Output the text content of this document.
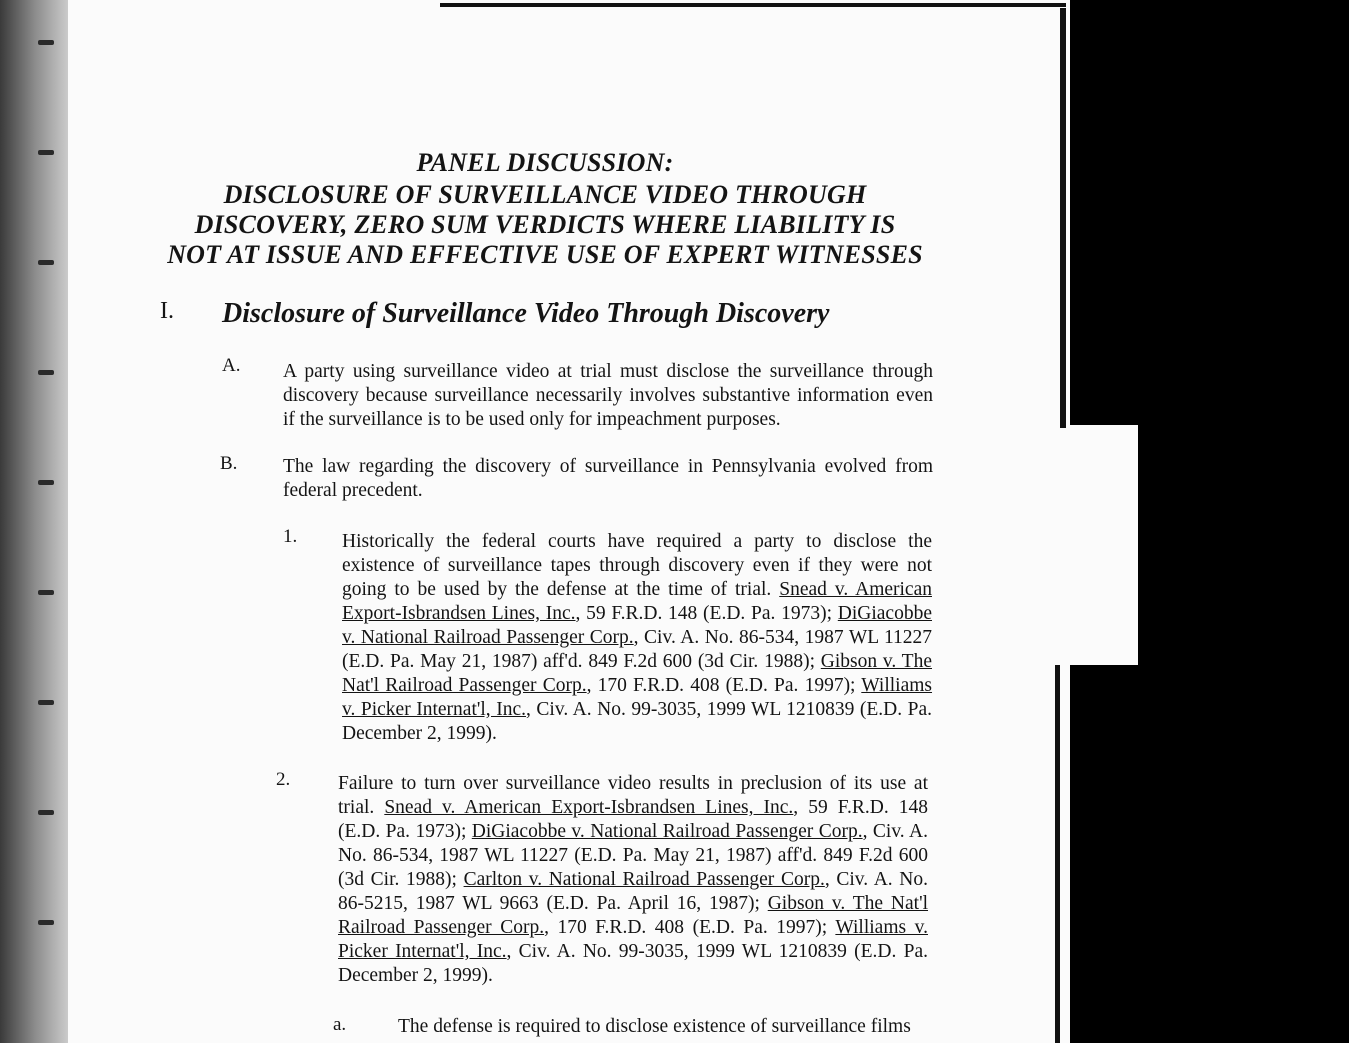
PANEL DISCUSSION:
DISCLOSURE OF SURVEILLANCE VIDEO THROUGH
DISCOVERY, ZERO SUM VERDICTS WHERE LIABILITY IS
NOT AT ISSUE AND EFFECTIVE USE OF EXPERT WITNESSES
I. Disclosure of Surveillance Video Through Discovery
A. A party using surveillance video at trial must disclose the surveillance through discovery because surveillance necessarily involves substantive information even if the surveillance is to be used only for impeachment purposes.
B. The law regarding the discovery of surveillance in Pennsylvania evolved from federal precedent.
1. Historically the federal courts have required a party to disclose the existence of surveillance tapes through discovery even if they were not going to be used by the defense at the time of trial. Snead v. American Export-Isbrandsen Lines, Inc., 59 F.R.D. 148 (E.D. Pa. 1973); DiGiacobbe v. National Railroad Passenger Corp., Civ. A. No. 86-534, 1987 WL 11227 (E.D. Pa. May 21, 1987) aff'd. 849 F.2d 600 (3d Cir. 1988); Gibson v. The Nat'l Railroad Passenger Corp., 170 F.R.D. 408 (E.D. Pa. 1997); Williams v. Picker Internat'l, Inc., Civ. A. No. 99-3035, 1999 WL 1210839 (E.D. Pa. December 2, 1999).
2. Failure to turn over surveillance video results in preclusion of its use at trial. Snead v. American Export-Isbrandsen Lines, Inc., 59 F.R.D. 148 (E.D. Pa. 1973); DiGiacobbe v. National Railroad Passenger Corp., Civ. A. No. 86-534, 1987 WL 11227 (E.D. Pa. May 21, 1987) aff'd. 849 F.2d 600 (3d Cir. 1988); Carlton v. National Railroad Passenger Corp., Civ. A. No. 86-5215, 1987 WL 9663 (E.D. Pa. April 16, 1987); Gibson v. The Nat'l Railroad Passenger Corp., 170 F.R.D. 408 (E.D. Pa. 1997); Williams v. Picker Internat'l, Inc., Civ. A. No. 99-3035, 1999 WL 1210839 (E.D. Pa. December 2, 1999).
a.	The defense is required to disclose existence of surveillance films
